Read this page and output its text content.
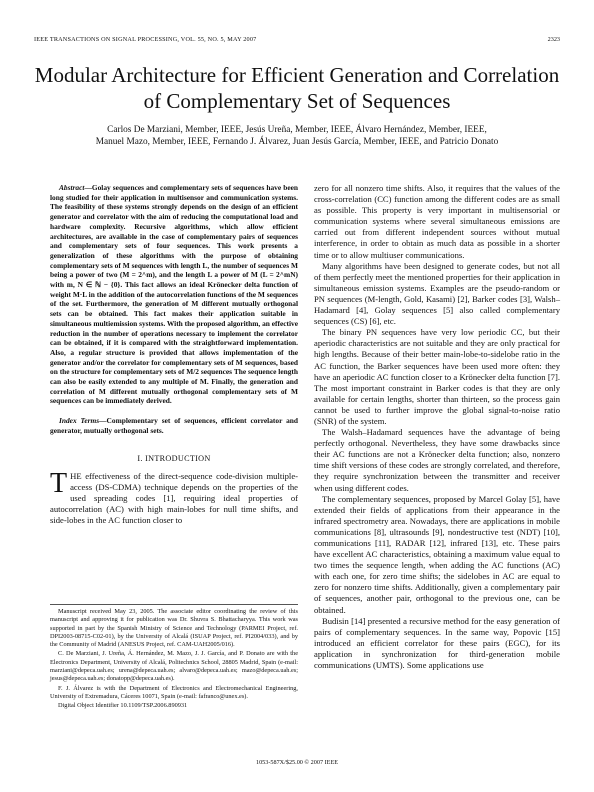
IEEE TRANSACTIONS ON SIGNAL PROCESSING, VOL. 55, NO. 5, MAY 2007	2323
Modular Architecture for Efficient Generation and Correlation of Complementary Set of Sequences
Carlos De Marziani, Member, IEEE, Jesús Ureña, Member, IEEE, Álvaro Hernández, Member, IEEE,
Manuel Mazo, Member, IEEE, Fernando J. Álvarez, Juan Jesús García, Member, IEEE, and Patricio Donato

Abstract—Golay sequences and complementary sets of sequences have been long studied for their application in multisensor and communication systems. The feasibility of these systems strongly depends on the design of an efficient generator and correlator with the aim of reducing the computational load and hardware complexity. Recursive algorithms, which allow efficient architectures, are available in the case of complementary pairs of sequences and complementary sets of four sequences. This work presents a generalization of these algorithms with the purpose of obtaining complementary sets of M sequences with length L, the number of sequences M being a power of two (M = 2^m), and the length L a power of M (L = 2^mN) with m, N ∈ ℕ − {0}. This fact allows an ideal Krönecker delta function of weight M·L in the addition of the autocorrelation functions of the M sequences of the set. Furthermore, the generation of M different mutually orthogonal sets can be obtained. This fact makes their application suitable in simultaneous multiemission systems. With the proposed algorithm, an effective reduction in the number of operations necessary to implement the correlator can be obtained, if it is compared with the straightforward implementation. Also, a regular structure is provided that allows implementation of the generator and/or the correlator for complementary sets of M sequences, based on the structure for complementary sets of M/2 sequences The sequence length can also be easily extended to any multiple of M. Finally, the generation and correlation of M different mutually orthogonal complementary sets of M sequences can be immediately derived.

Index Terms—Complementary set of sequences, efficient correlator and generator, mutually orthogonal sets.

I. INTRODUCTION

THE effectiveness of the direct-sequence code-division multiple-access (DS-CDMA) technique depends on the properties of the used spreading codes [1], requiring ideal properties of autocorrelation (AC) with high main-lobes for null time shifts, and side-lobes in the AC function closer to

Manuscript received May 23, 2005. The associate editor coordinating the review of this manuscript and approving it for publication was Dr. Shuvra S. Bhattacharyya. This work was supported in part by the Spanish Ministry of Science and Technology (PARMEI Project, ref. DPI2003-08715-C02-01), by the University of Alcalá (ISUAP Project, ref. PI2004/033), and by the Community of Madrid (ANESUS Project, ref. CAM-UAH2005/016).

C. De Marziani, J. Ureña, Á. Hernández, M. Mazo, J. J. García, and P. Donato are with the Electronics Department, University of Alcalá, Politechnics School, 28805 Madrid, Spain (e-mail: marziani@depeca.uah.es; urena@depeca.uah.es; alvaro@depeca.uah.es; mazo@depeca.uah.es; jesus@depeca.uah.es; donatopp@depeca.uah.es).

F. J. Álvarez is with the Department of Electronics and Electromechanical Engineering, University of Extremadura, Cáceres 10071, Spain (e-mail: fafranco@unex.es).

Digital Object Identifier 10.1109/TSP.2006.890931

zero for all nonzero time shifts. Also, it requires that the values of the cross-correlation (CC) function among the different codes are as small as possible. This property is very important in multisensorial or communication systems where several simultaneous emissions are carried out from different independent sources without mutual interference, in order to obtain as much data as possible in a shorter time or to allow multiuser communications.

Many algorithms have been designed to generate codes, but not all of them perfectly meet the mentioned properties for their application in simultaneous emission systems. Examples are the pseudo-random or PN sequences (M-length, Gold, Kasami) [2], Barker codes [3], Walsh–Hadamard [4], Golay sequences [5] also called complementary sequences (CS) [6], etc.

The binary PN sequences have very low periodic CC, but their aperiodic characteristics are not suitable and they are only practical for high lengths. Because of their better main-lobe-to-sidelobe ratio in the AC function, the Barker sequences have been used more often: they have an aperiodic AC function closer to a Krönecker delta function [7]. The most important constraint in Barker codes is that they are only available for certain lengths, shorter than thirteen, so the process gain cannot be used to further improve the global signal-to-noise ratio (SNR) of the system.

The Walsh–Hadamard sequences have the advantage of being perfectly orthogonal. Nevertheless, they have some drawbacks since their AC functions are not a Krönecker delta function; also, nonzero time shift versions of these codes are strongly correlated, and therefore, they require synchronization between the transmitter and receiver when using different codes.

The complementary sequences, proposed by Marcel Golay [5], have extended their fields of applications from their appearance in the infrared spectrometry area. Nowadays, there are applications in mobile communications [8], ultrasounds [9], nondestructive test (NDT) [10], communications [11], RADAR [12], infrared [13], etc. These pairs have excellent AC characteristics, obtaining a maximum value equal to two times the sequence length, when adding the AC functions (AC) with each one, for zero time shifts; the sidelobes in AC are equal to zero for nonzero time shifts. Additionally, given a complementary pair of sequences, another pair, orthogonal to the previous one, can be obtained.

Budisin [14] presented a recursive method for the easy generation of pairs of complementary sequences. In the same way, Popovic [15] introduced an efficient correlator for these pairs (EGC), for its application in synchronization for third-generation mobile communications (UMTS). Some applications use

1053-587X/$25.00 © 2007 IEEE
